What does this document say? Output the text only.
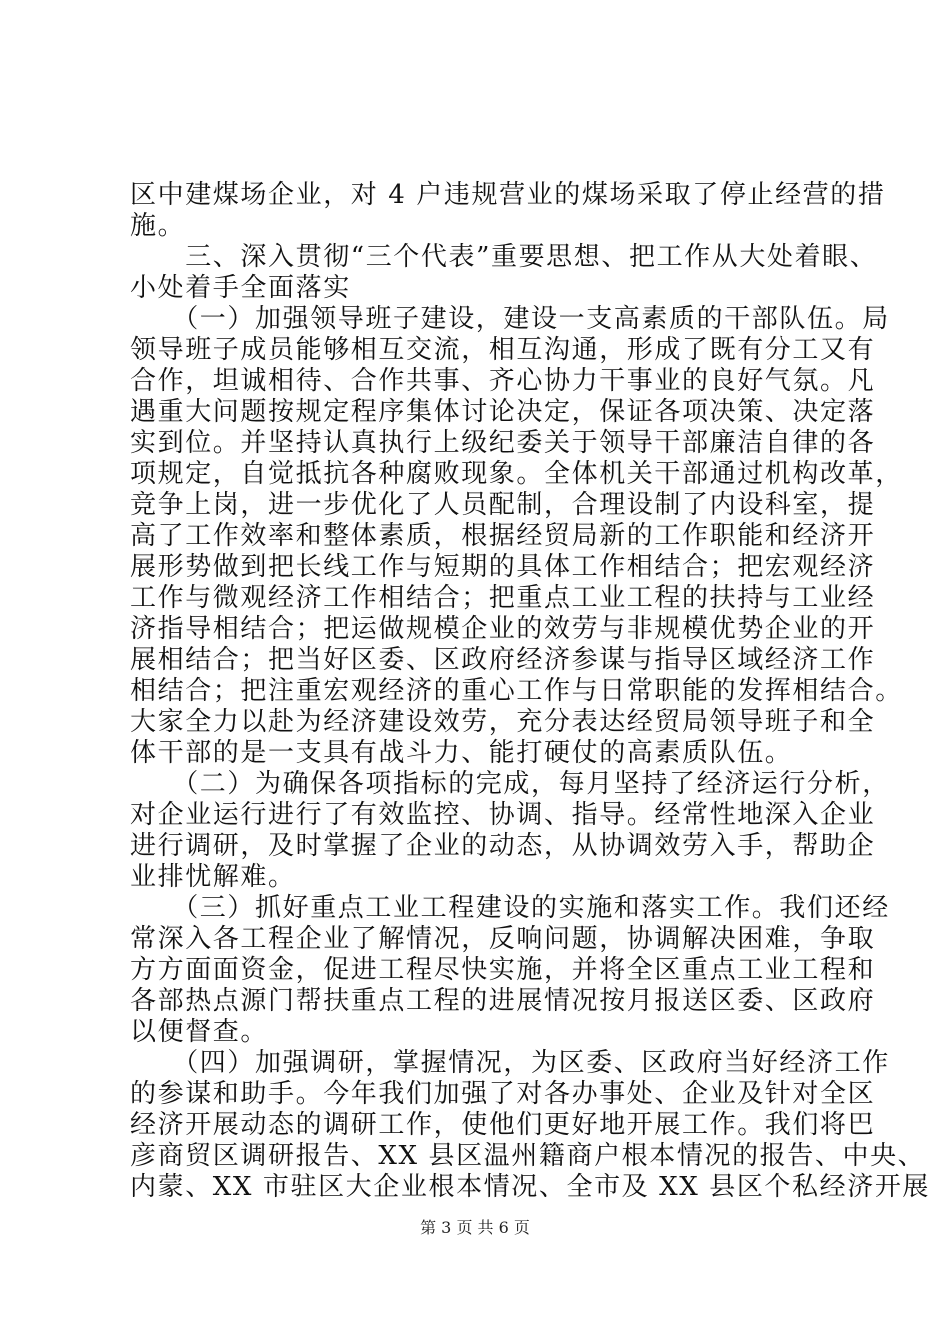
区中建煤场企业，对 4 户违规营业的煤场采取了停止经营的措
施。
　　三、深入贯彻“三个代表”重要思想、把工作从大处着眼、
小处着手全面落实
　　（一）加强领导班子建设，建设一支高素质的干部队伍。局
领导班子成员能够相互交流，相互沟通，形成了既有分工又有
合作，坦诚相待、合作共事、齐心协力干事业的良好气氛。凡
遇重大问题按规定程序集体讨论决定，保证各项决策、决定落
实到位。并坚持认真执行上级纪委关于领导干部廉洁自律的各
项规定，自觉抵抗各种腐败现象。全体机关干部通过机构改革，
竞争上岗，进一步优化了人员配制，合理设制了内设科室，提
高了工作效率和整体素质，根据经贸局新的工作职能和经济开
展形势做到把长线工作与短期的具体工作相结合；把宏观经济
工作与微观经济工作相结合；把重点工业工程的扶持与工业经
济指导相结合；把运做规模企业的效劳与非规模优势企业的开
展相结合；把当好区委、区政府经济参谋与指导区域经济工作
相结合；把注重宏观经济的重心工作与日常职能的发挥相结合。
大家全力以赴为经济建设效劳，充分表达经贸局领导班子和全
体干部的是一支具有战斗力、能打硬仗的高素质队伍。
　　（二）为确保各项指标的完成，每月坚持了经济运行分析，
对企业运行进行了有效监控、协调、指导。经常性地深入企业
进行调研，及时掌握了企业的动态，从协调效劳入手，帮助企
业排忧解难。
　　（三）抓好重点工业工程建设的实施和落实工作。我们还经
常深入各工程企业了解情况，反响问题，协调解决困难，争取
方方面面资金，促进工程尽快实施，并将全区重点工业工程和
各部热点源门帮扶重点工程的进展情况按月报送区委、区政府
以便督查。
　　（四）加强调研，掌握情况，为区委、区政府当好经济工作
的参谋和助手。今年我们加强了对各办事处、企业及针对全区
经济开展动态的调研工作，使他们更好地开展工作。我们将巴
彦商贸区调研报告、XX 县区温州籍商户根本情况的报告、中央、
内蒙、XX 市驻区大企业根本情况、全市及 XX 县区个私经济开展
第 3 页 共 6 页
